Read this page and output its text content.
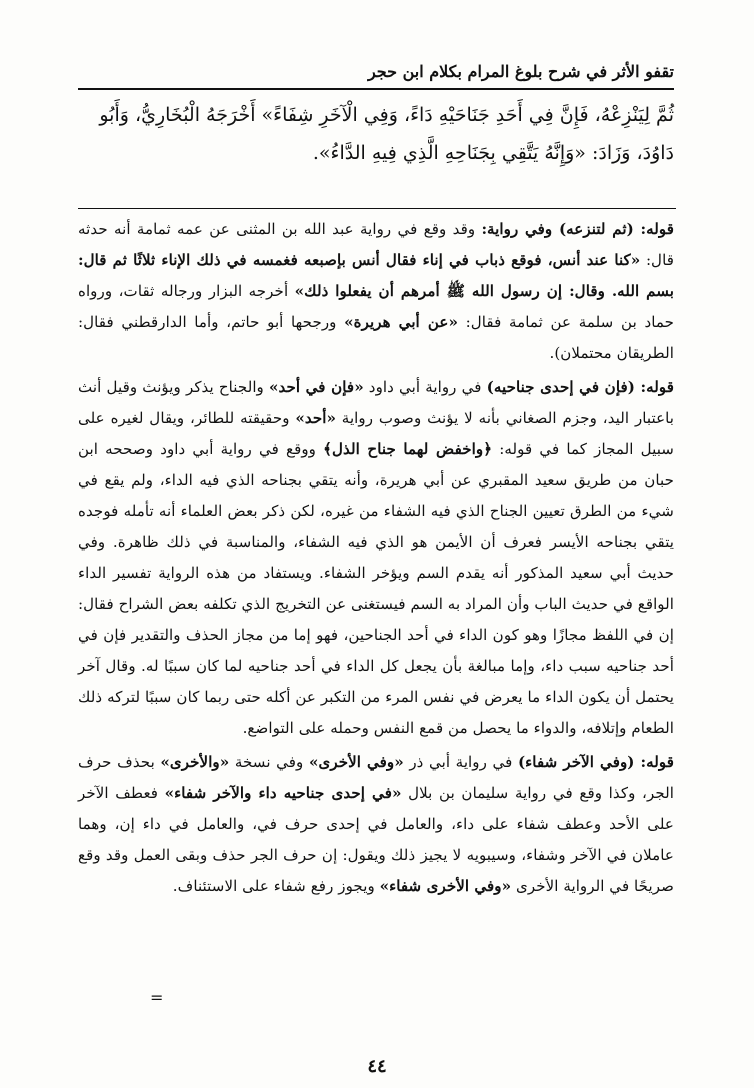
تقفو الأثر في شرح بلوغ المرام بكلام ابن حجر

ثُمَّ لِيَنْزِعْهُ، فَإِنَّ فِي أَحَدِ جَنَاحَيْهِ دَاءً، وَفِي الْآخَرِ شِفَاءً» أَخْرَجَهُ الْبُخَارِيُّ، وَأَبُو

دَاوُدَ، وَزَادَ: «وَإِنَّهُ يَتَّقِي بِجَنَاحِهِ الَّذِي فِيهِ الدَّاءُ».

قوله: (ثم لتنزعه) وفي رواية: وقد وقع في رواية عبد الله بن المثنى عن عمه ثمامة أنه حدثه قال: «كنا عند أنس، فوقع ذباب في إناء فقال أنس بإصبعه فغمسه في ذلك الإناء ثلاثًا ثم قال: بسم الله. وقال: إن رسول الله ﷺ أمرهم أن يفعلوا ذلك» أخرجه البزار ورجاله ثقات، ورواه حماد بن سلمة عن ثمامة فقال: «عن أبي هريرة» ورجحها أبو حاتم، وأما الدارقطني فقال: الطريقان محتملان).

قوله: (فإن في إحدى جناحيه) في رواية أبي داود «فإن في أحد» والجناح يذكر ويؤنث وقيل أنث باعتبار اليد، وجزم الصغاني بأنه لا يؤنث وصوب رواية «أحد» وحقيقته للطائر، ويقال لغيره على سبيل المجاز كما في قوله: ﴿واخفض لهما جناح الذل﴾ ووقع في رواية أبي داود وصححه ابن حبان من طريق سعيد المقبري عن أبي هريرة، وأنه يتقي بجناحه الذي فيه الداء، ولم يقع في شيء من الطرق تعيين الجناح الذي فيه الشفاء من غيره، لكن ذكر بعض العلماء أنه تأمله فوجده يتقي بجناحه الأيسر فعرف أن الأيمن هو الذي فيه الشفاء، والمناسبة في ذلك ظاهرة. وفي حديث أبي سعيد المذكور أنه يقدم السم ويؤخر الشفاء. ويستفاد من هذه الرواية تفسير الداء الواقع في حديث الباب وأن المراد به السم فيستغنى عن التخريج الذي تكلفه بعض الشراح فقال: إن في اللفظ مجازًا وهو كون الداء في أحد الجناحين، فهو إما من مجاز الحذف والتقدير فإن في أحد جناحيه سبب داء، وإما مبالغة بأن يجعل كل الداء في أحد جناحيه لما كان سببًا له. وقال آخر يحتمل أن يكون الداء ما يعرض في نفس المرء من التكبر عن أكله حتى ربما كان سببًا لتركه ذلك الطعام وإتلافه، والدواء ما يحصل من قمع النفس وحمله على التواضع.

قوله: (وفي الآخر شفاء) في رواية أبي ذر «وفي الأخرى» وفي نسخة «والأخرى» بحذف حرف الجر، وكذا وقع في رواية سليمان بن بلال «في إحدى جناحيه داء والآخر شفاء» فعطف الآخر على الأحد وعطف شفاء على داء، والعامل في إحدى حرف في، والعامل في داء إن، وهما عاملان في الآخر وشفاء، وسيبويه لا يجيز ذلك ويقول: إن حرف الجر حذف وبقى العمل وقد وقع صريحًا في الرواية الأخرى «وفي الأخرى شفاء» ويجوز رفع شفاء على الاستئناف.

=
٤٤
